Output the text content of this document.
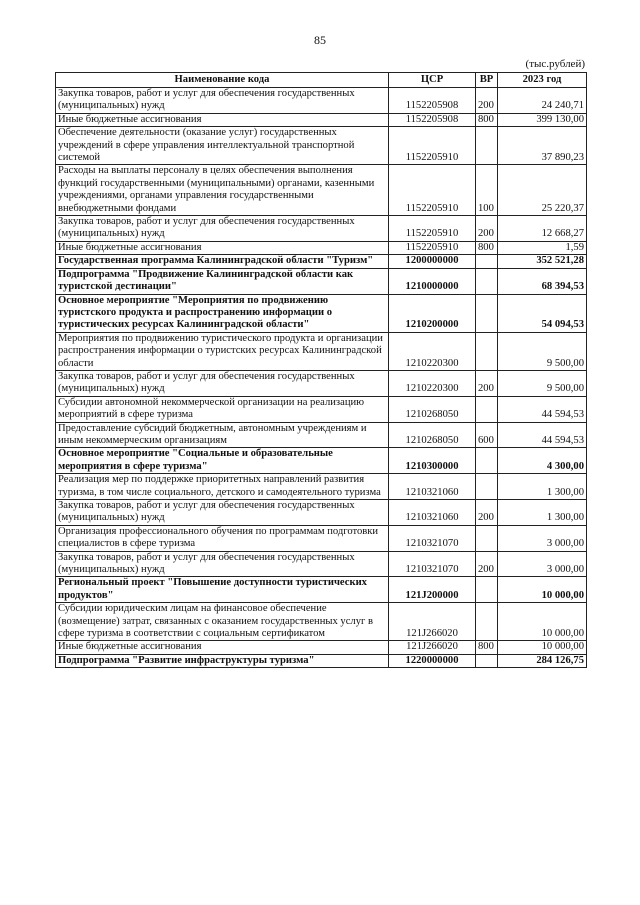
85
(тыс.рублей)
Наименование кода	ЦСР	ВР	2023 год
Закупка товаров, работ и услуг для обеспечения государственных (муниципальных) нужд	1152205908	200	24 240,71
Иные бюджетные ассигнования	1152205908	800	399 130,00
Обеспечение деятельности (оказание услуг) государственных учреждений в сфере управления интеллектуальной транспортной системой	1152205910		37 890,23
Расходы на выплаты персоналу в целях обеспечения выполнения функций государственными (муниципальными) органами, казенными учреждениями, органами управления государственными внебюджетными фондами	1152205910	100	25 220,37
Закупка товаров, работ и услуг для обеспечения государственных (муниципальных) нужд	1152205910	200	12 668,27
Иные бюджетные ассигнования	1152205910	800	1,59
Государственная программа Калининградской области "Туризм"	1200000000		352 521,28
Подпрограмма "Продвижение Калининградской области как туристской дестинации"	1210000000		68 394,53
Основное мероприятие "Мероприятия по продвижению туристского продукта и распространению информации о туристических ресурсах Калининградской области"	1210200000		54 094,53
Мероприятия по продвижению туристического продукта и организации распространения информации о туристских ресурсах Калининградской области	1210220300		9 500,00
Закупка товаров, работ и услуг для обеспечения государственных (муниципальных) нужд	1210220300	200	9 500,00
Субсидии автономной некоммерческой организации на реализацию мероприятий в сфере туризма	1210268050		44 594,53
Предоставление субсидий бюджетным, автономным учреждениям и иным некоммерческим организациям	1210268050	600	44 594,53
Основное мероприятие "Социальные и образовательные мероприятия в сфере туризма"	1210300000		4 300,00
Реализация мер по поддержке приоритетных направлений развития туризма, в том числе социального, детского и самодеятельного туризма	1210321060		1 300,00
Закупка товаров, работ и услуг для обеспечения государственных (муниципальных) нужд	1210321060	200	1 300,00
Организация профессионального обучения по программам подготовки специалистов в сфере туризма	1210321070		3 000,00
Закупка товаров, работ и услуг для обеспечения государственных (муниципальных) нужд	1210321070	200	3 000,00
Региональный проект "Повышение доступности туристических продуктов"	121J200000		10 000,00
Субсидии юридическим лицам на финансовое обеспечение (возмещение) затрат, связанных с оказанием государственных услуг в сфере туризма в соответствии с социальным сертификатом	121J266020		10 000,00
Иные бюджетные ассигнования	121J266020	800	10 000,00
Подпрограмма "Развитие инфраструктуры туризма"	1220000000		284 126,75
